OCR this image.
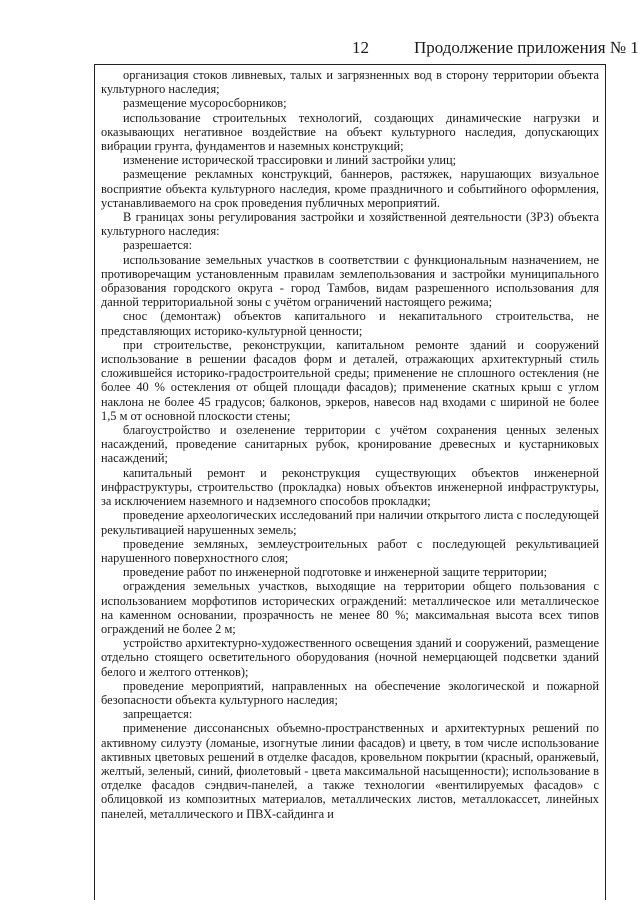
12	Продолжение приложения № 1

организация стоков ливневых, талых и загрязненных вод в сторону территории объекта культурного наследия;

размещение мусоросборников;

использование строительных технологий, создающих динамические нагрузки и оказывающих негативное воздействие на объект культурного наследия, допускающих вибрации грунта, фундаментов и наземных конструкций;

изменение исторической трассировки и линий застройки улиц;

размещение рекламных конструкций, баннеров, растяжек, нарушающих визуальное восприятие объекта культурного наследия, кроме праздничного и событийного оформления, устанавливаемого на срок проведения публичных мероприятий.

В границах зоны регулирования застройки и хозяйственной деятельности (ЗРЗ) объекта культурного наследия:

разрешается:

использование земельных участков в соответствии с функциональным назначением, не противоречащим установленным правилам землепользования и застройки муниципального образования городского округа - город Тамбов, видам разрешенного использования для данной территориальной зоны с учётом ограничений настоящего режима;

снос (демонтаж) объектов капитального и некапитального строительства, не представляющих историко-культурной ценности;

при строительстве, реконструкции, капитальном ремонте зданий и сооружений использование в решении фасадов форм и деталей, отражающих архитектурный стиль сложившейся историко-градостроительной среды; применение не сплошного остекления (не более 40 % остекления от общей площади фасадов); применение скатных крыш с углом наклона не более 45 градусов; балконов, эркеров, навесов над входами с шириной не более 1,5 м от основной плоскости стены;

благоустройство и озеленение территории с учётом сохранения ценных зеленых насаждений, проведение санитарных рубок, кронирование древесных и кустарниковых насаждений;

капитальный ремонт и реконструкция существующих объектов инженерной инфраструктуры, строительство (прокладка) новых объектов инженерной инфраструктуры, за исключением наземного и надземного способов прокладки;

проведение археологических исследований при наличии открытого листа с последующей рекультивацией нарушенных земель;

проведение земляных, землеустроительных работ с последующей рекультивацией нарушенного поверхностного слоя;

проведение работ по инженерной подготовке и инженерной защите территории;

ограждения земельных участков, выходящие на территории общего пользования с использованием морфотипов исторических ограждений: металлическое или металлическое на каменном основании, прозрачность не менее 80 %; максимальная высота всех типов ограждений не более 2 м;

устройство архитектурно-художественного освещения зданий и сооружений, размещение отдельно стоящего осветительного оборудования (ночной немерцающей подсветки зданий белого и желтого оттенков);

проведение мероприятий, направленных на обеспечение экологической и пожарной безопасности объекта культурного наследия;

запрещается:

применение диссонансных объемно-пространственных и архитектурных решений по активному силуэту (ломаные, изогнутые линии фасадов) и цвету, в том числе использование активных цветовых решений в отделке фасадов, кровельном покрытии (красный, оранжевый, желтый, зеленый, синий, фиолетовый - цвета максимальной насыщенности); использование в отделке фасадов сэндвич-панелей, а также технологии «вентилируемых фасадов» с облицовкой из композитных материалов, металлических листов, металлокассет, линейных панелей, металлического и ПВХ-сайдинга и
